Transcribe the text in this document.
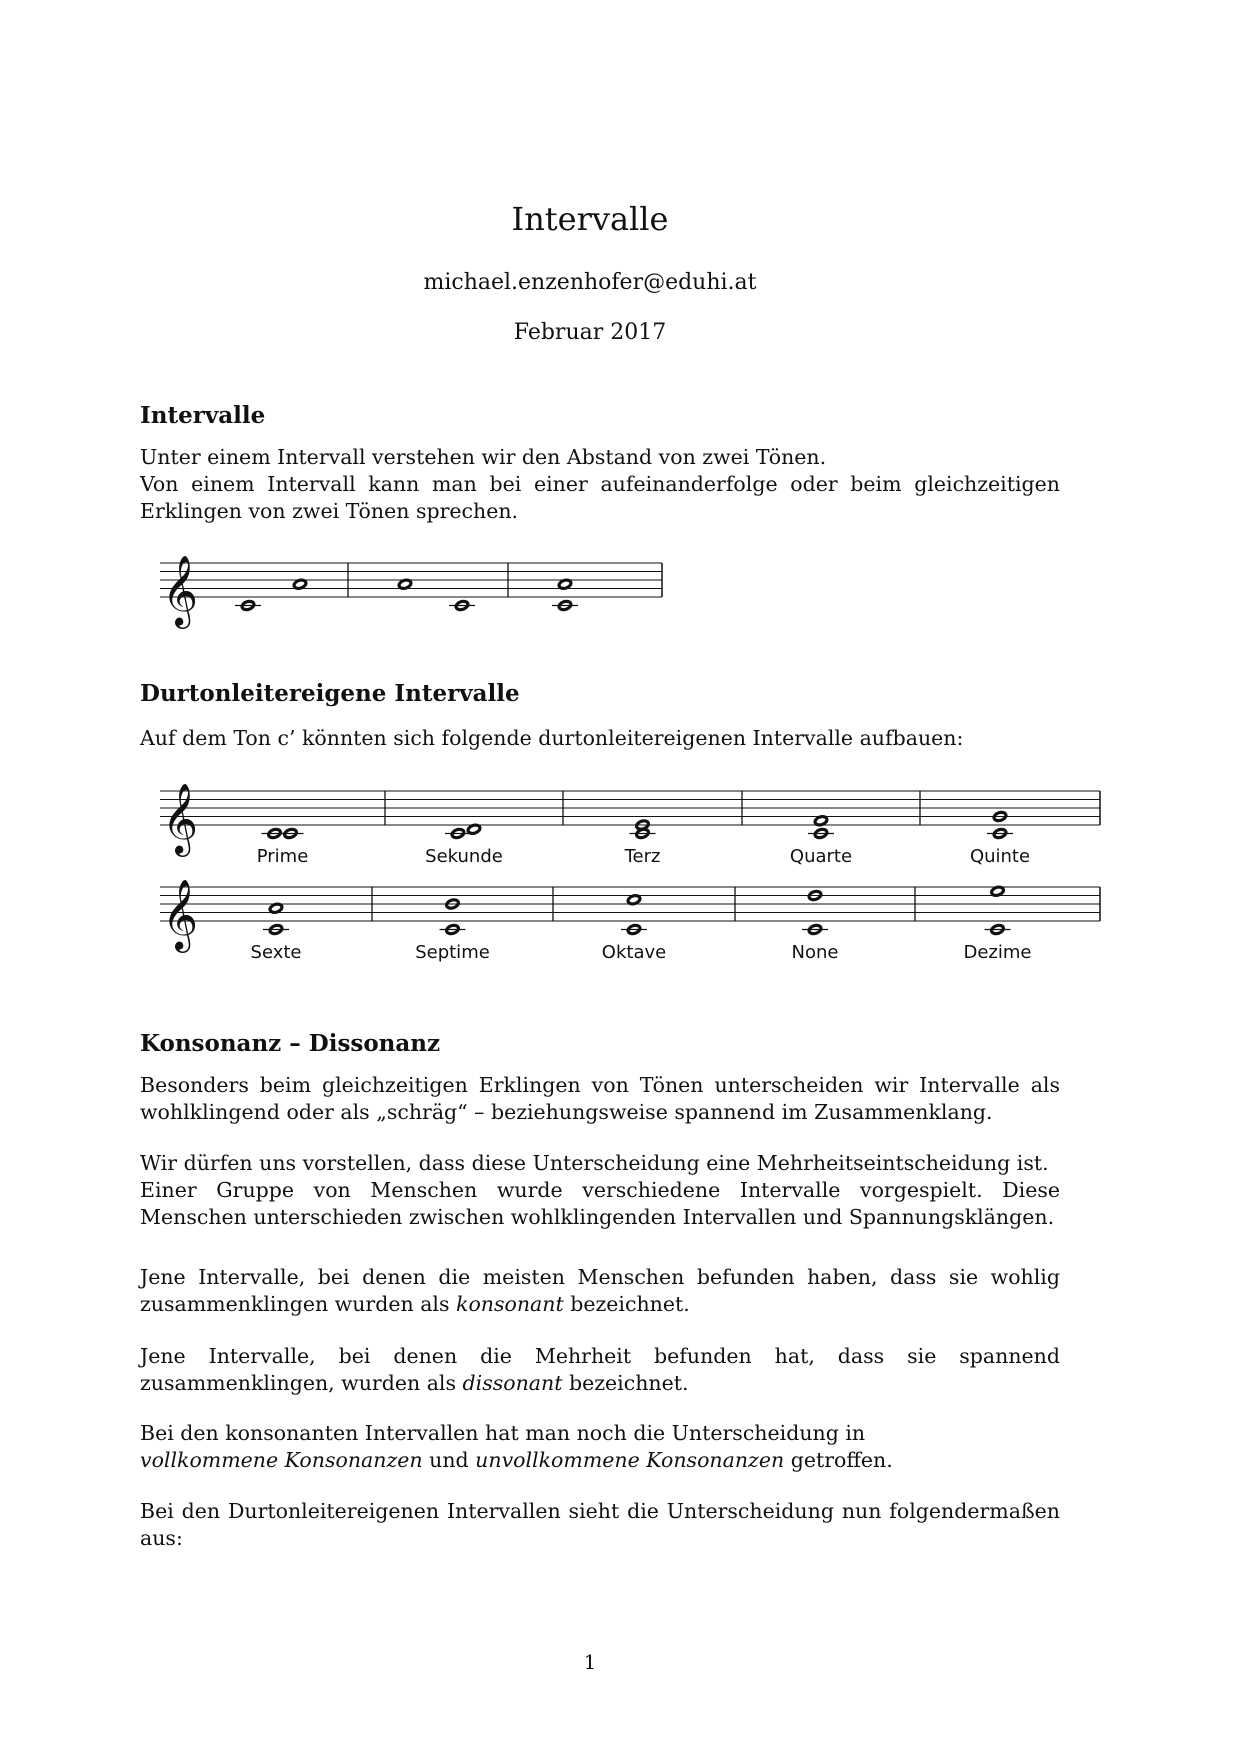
Intervalle
michael.enzenhofer@eduhi.at
Februar 2017
Intervalle

Unter einem Intervall verstehen wir den Abstand von zwei Tönen.
Von einem Intervall kann man bei einer aufeinanderfolge oder beim gleichzeitigen Erklingen von zwei Tönen sprechen.

Durtonleitereigene Intervalle

Auf dem Ton c’ könnten sich folgende durtonleitereigenen Intervalle aufbauen:

𝄞
𝄞
Prime	Sekunde	Terz	Quarte	Quinte
𝄞
Sexte	Septime	Oktave	None	Dezime
Konsonanz – Dissonanz

Besonders beim gleichzeitigen Erklingen von Tönen unterscheiden wir Intervalle als wohlklingend oder als „schräg“ – beziehungsweise spannend im Zusammenklang.

Wir dürfen uns vorstellen, dass diese Unterscheidung eine Mehrheitseintscheidung ist.
Einer Gruppe von Menschen wurde verschiedene Intervalle vorgespielt. Diese Menschen unterschieden zwischen wohlklingenden Intervallen und Spannungsklängen.

Jene Intervalle, bei denen die meisten Menschen befunden haben, dass sie wohlig zusammenklingen wurden als konsonant bezeichnet.

Jene Intervalle, bei denen die Mehrheit befunden hat, dass sie spannend zusammenklingen, wurden als dissonant bezeichnet.

Bei den konsonanten Intervallen hat man noch die Unterscheidung in
vollkommene Konsonanzen und unvollkommene Konsonanzen getroffen.

Bei den Durtonleitereigenen Intervallen sieht die Unterscheidung nun folgendermaßen aus:

1
